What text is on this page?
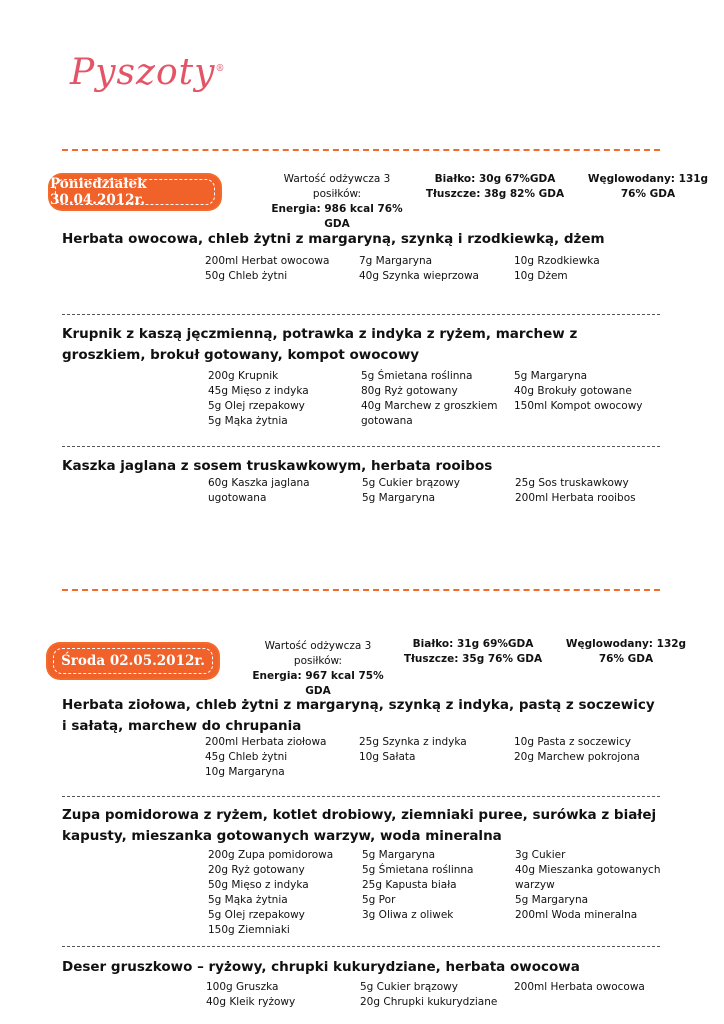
Pyszoty®
Poniedziałek 30.04.2012r.
Wartość odżywcza 3 posiłków:
Energia: 986 kcal 76% GDA
Białko: 30g 67%GDA
Tłuszcze: 38g 82% GDA
Węglowodany: 131g 76% GDA
Herbata owocowa, chleb żytni z margaryną, szynką i rzodkiewką, dżem
200ml Herbat owocowa
50g Chleb żytni
7g Margaryna
40g Szynka wieprzowa
10g Rzodkiewka
10g Dżem
Krupnik z kaszą jęczmienną, potrawka z indyka z ryżem, marchew z groszkiem, brokuł gotowany, kompot owocowy
200g Krupnik
45g Mięso z indyka
5g Olej rzepakowy
5g Mąka żytnia
5g Śmietana roślinna
80g Ryż gotowany
40g Marchew z groszkiem
gotowana
5g Margaryna
40g Brokuły gotowane
150ml Kompot owocowy
Kaszka jaglana z sosem truskawkowym, herbata rooibos
60g Kaszka jaglana
ugotowana
5g Cukier brązowy
5g Margaryna
25g Sos truskawkowy
200ml Herbata rooibos
Środa 02.05.2012r.
Wartość odżywcza 3 posiłków:
Energia: 967 kcal 75% GDA
Białko: 31g 69%GDA
Tłuszcze: 35g 76% GDA
Węglowodany: 132g 76% GDA
Herbata ziołowa, chleb żytni z margaryną, szynką z indyka, pastą z soczewicy i sałatą, marchew do chrupania
200ml Herbata ziołowa
45g Chleb żytni
10g Margaryna
25g Szynka z indyka
10g Sałata
10g Pasta z soczewicy
20g Marchew pokrojona
Zupa pomidorowa z ryżem, kotlet drobiowy, ziemniaki puree, surówka z białej kapusty, mieszanka gotowanych warzyw, woda mineralna
200g Zupa pomidorowa
20g Ryż gotowany
50g Mięso z indyka
5g Mąka żytnia
5g Olej rzepakowy
150g Ziemniaki
5g Margaryna
5g Śmietana roślinna
25g Kapusta biała
5g Por
3g Oliwa z oliwek
3g Cukier
40g Mieszanka gotowanych
warzyw
5g Margaryna
200ml Woda mineralna
Deser gruszkowo – ryżowy, chrupki kukurydziane, herbata owocowa
100g Gruszka
40g Kleik ryżowy
5g Cukier brązowy
20g Chrupki kukurydziane
200ml Herbata owocowa
